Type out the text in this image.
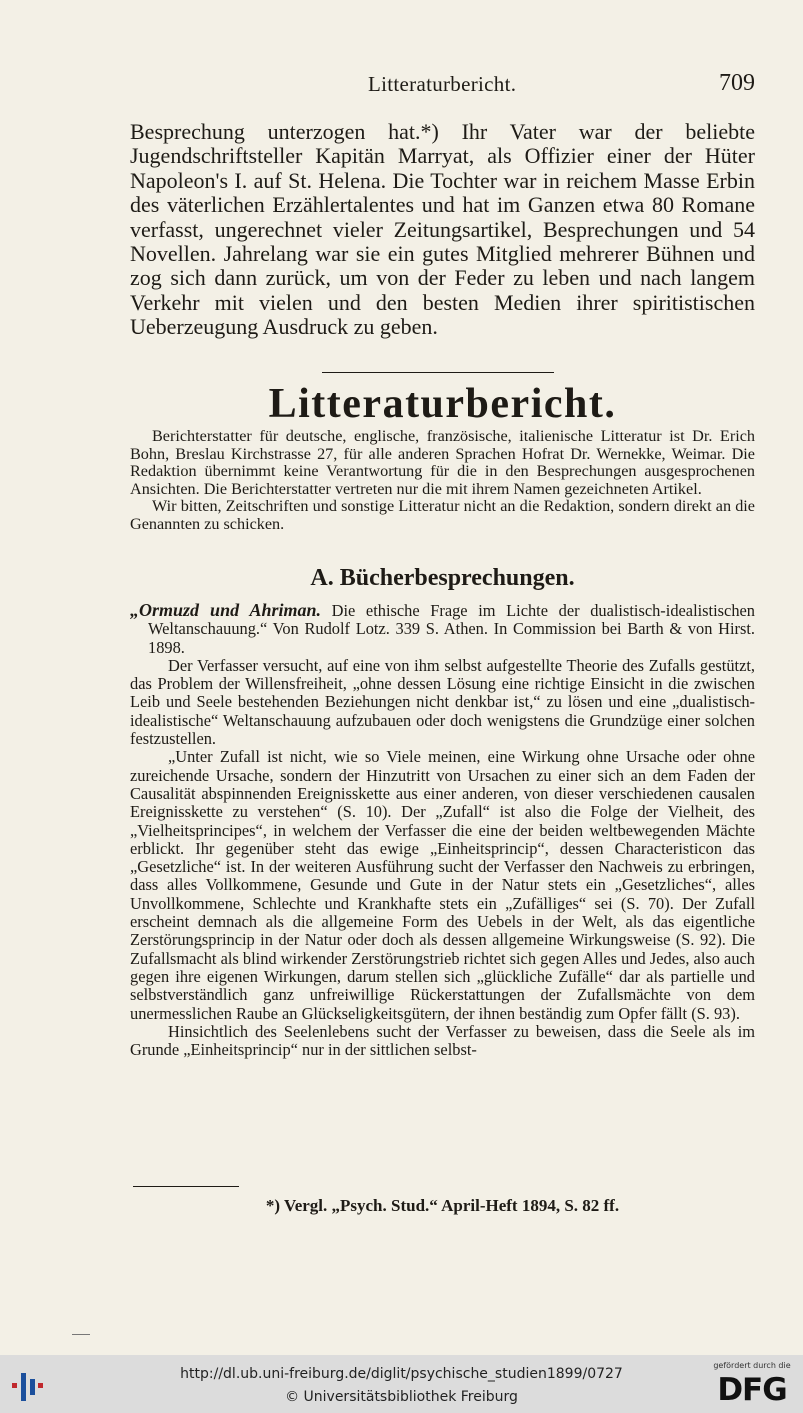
Litteraturbericht.	709

Besprechung unterzogen hat.*) Ihr Vater war der beliebte Jugendschriftsteller Kapitän Marryat, als Offizier einer der Hüter Napoleon's I. auf St. Helena. Die Tochter war in reichem Masse Erbin des väterlichen Erzählertalentes und hat im Ganzen etwa 80 Romane verfasst, ungerechnet vieler Zeitungsartikel, Besprechungen und 54 Novellen. Jahrelang war sie ein gutes Mitglied mehrerer Bühnen und zog sich dann zurück, um von der Feder zu leben und nach langem Verkehr mit vielen und den besten Medien ihrer spiritistischen Ueberzeugung Ausdruck zu geben.

Litteraturbericht.

Berichterstatter für deutsche, englische, französische, italienische Litteratur ist Dr. Erich Bohn, Breslau Kirchstrasse 27, für alle anderen Sprachen Hofrat Dr. Wernekke, Weimar. Die Redaktion übernimmt keine Verantwortung für die in den Besprechungen ausgesprochenen Ansichten. Die Berichterstatter vertreten nur die mit ihrem Namen gezeichneten Artikel.

Wir bitten, Zeitschriften und sonstige Litteratur nicht an die Redaktion, sondern direkt an die Genannten zu schicken.

A. Bücherbesprechungen.

„Ormuzd und Ahriman. Die ethische Frage im Lichte der dualistisch-idealistischen Weltanschauung.“ Von Rudolf Lotz. 339 S. Athen. In Commission bei Barth & von Hirst. 1898.

Der Verfasser versucht, auf eine von ihm selbst aufgestellte Theorie des Zufalls gestützt, das Problem der Willensfreiheit, „ohne dessen Lösung eine richtige Einsicht in die zwischen Leib und Seele bestehenden Beziehungen nicht denkbar ist,“ zu lösen und eine „dualistisch-idealistische“ Weltanschauung aufzubauen oder doch wenigstens die Grundzüge einer solchen festzustellen.

„Unter Zufall ist nicht, wie so Viele meinen, eine Wirkung ohne Ursache oder ohne zureichende Ursache, sondern der Hinzutritt von Ursachen zu einer sich an dem Faden der Causalität abspinnenden Ereignisskette aus einer anderen, von dieser verschiedenen causalen Ereignisskette zu verstehen“ (S. 10). Der „Zufall“ ist also die Folge der Vielheit, des „Vielheitsprincipes“, in welchem der Verfasser die eine der beiden weltbewegenden Mächte erblickt. Ihr gegenüber steht das ewige „Einheitsprincip“, dessen Characteristicon das „Gesetzliche“ ist. In der weiteren Ausführung sucht der Verfasser den Nachweis zu erbringen, dass alles Vollkommene, Gesunde und Gute in der Natur stets ein „Gesetzliches“, alles Unvollkommene, Schlechte und Krankhafte stets ein „Zufälliges“ sei (S. 70). Der Zufall erscheint demnach als die allgemeine Form des Uebels in der Welt, als das eigentliche Zerstörungsprincip in der Natur oder doch als dessen allgemeine Wirkungsweise (S. 92). Die Zufallsmacht als blind wirkender Zerstörungstrieb richtet sich gegen Alles und Jedes, also auch gegen ihre eigenen Wirkungen, darum stellen sich „glückliche Zufälle“ dar als partielle und selbstverständlich ganz unfreiwillige Rückerstattungen der Zufallsmächte von dem unermesslichen Raube an Glückseligkeitsgütern, der ihnen beständig zum Opfer fällt (S. 93).

Hinsichtlich des Seelenlebens sucht der Verfasser zu beweisen, dass die Seele als im Grunde „Einheitsprincip“ nur in der sittlichen selbst-

*) Vergl. „Psych. Stud.“ April-Heft 1894, S. 82 ff.
http://dl.ub.uni-freiburg.de/diglit/psychische_studien1899/0727
© Universitätsbibliothek Freiburg
gefördert durch die
DFG
